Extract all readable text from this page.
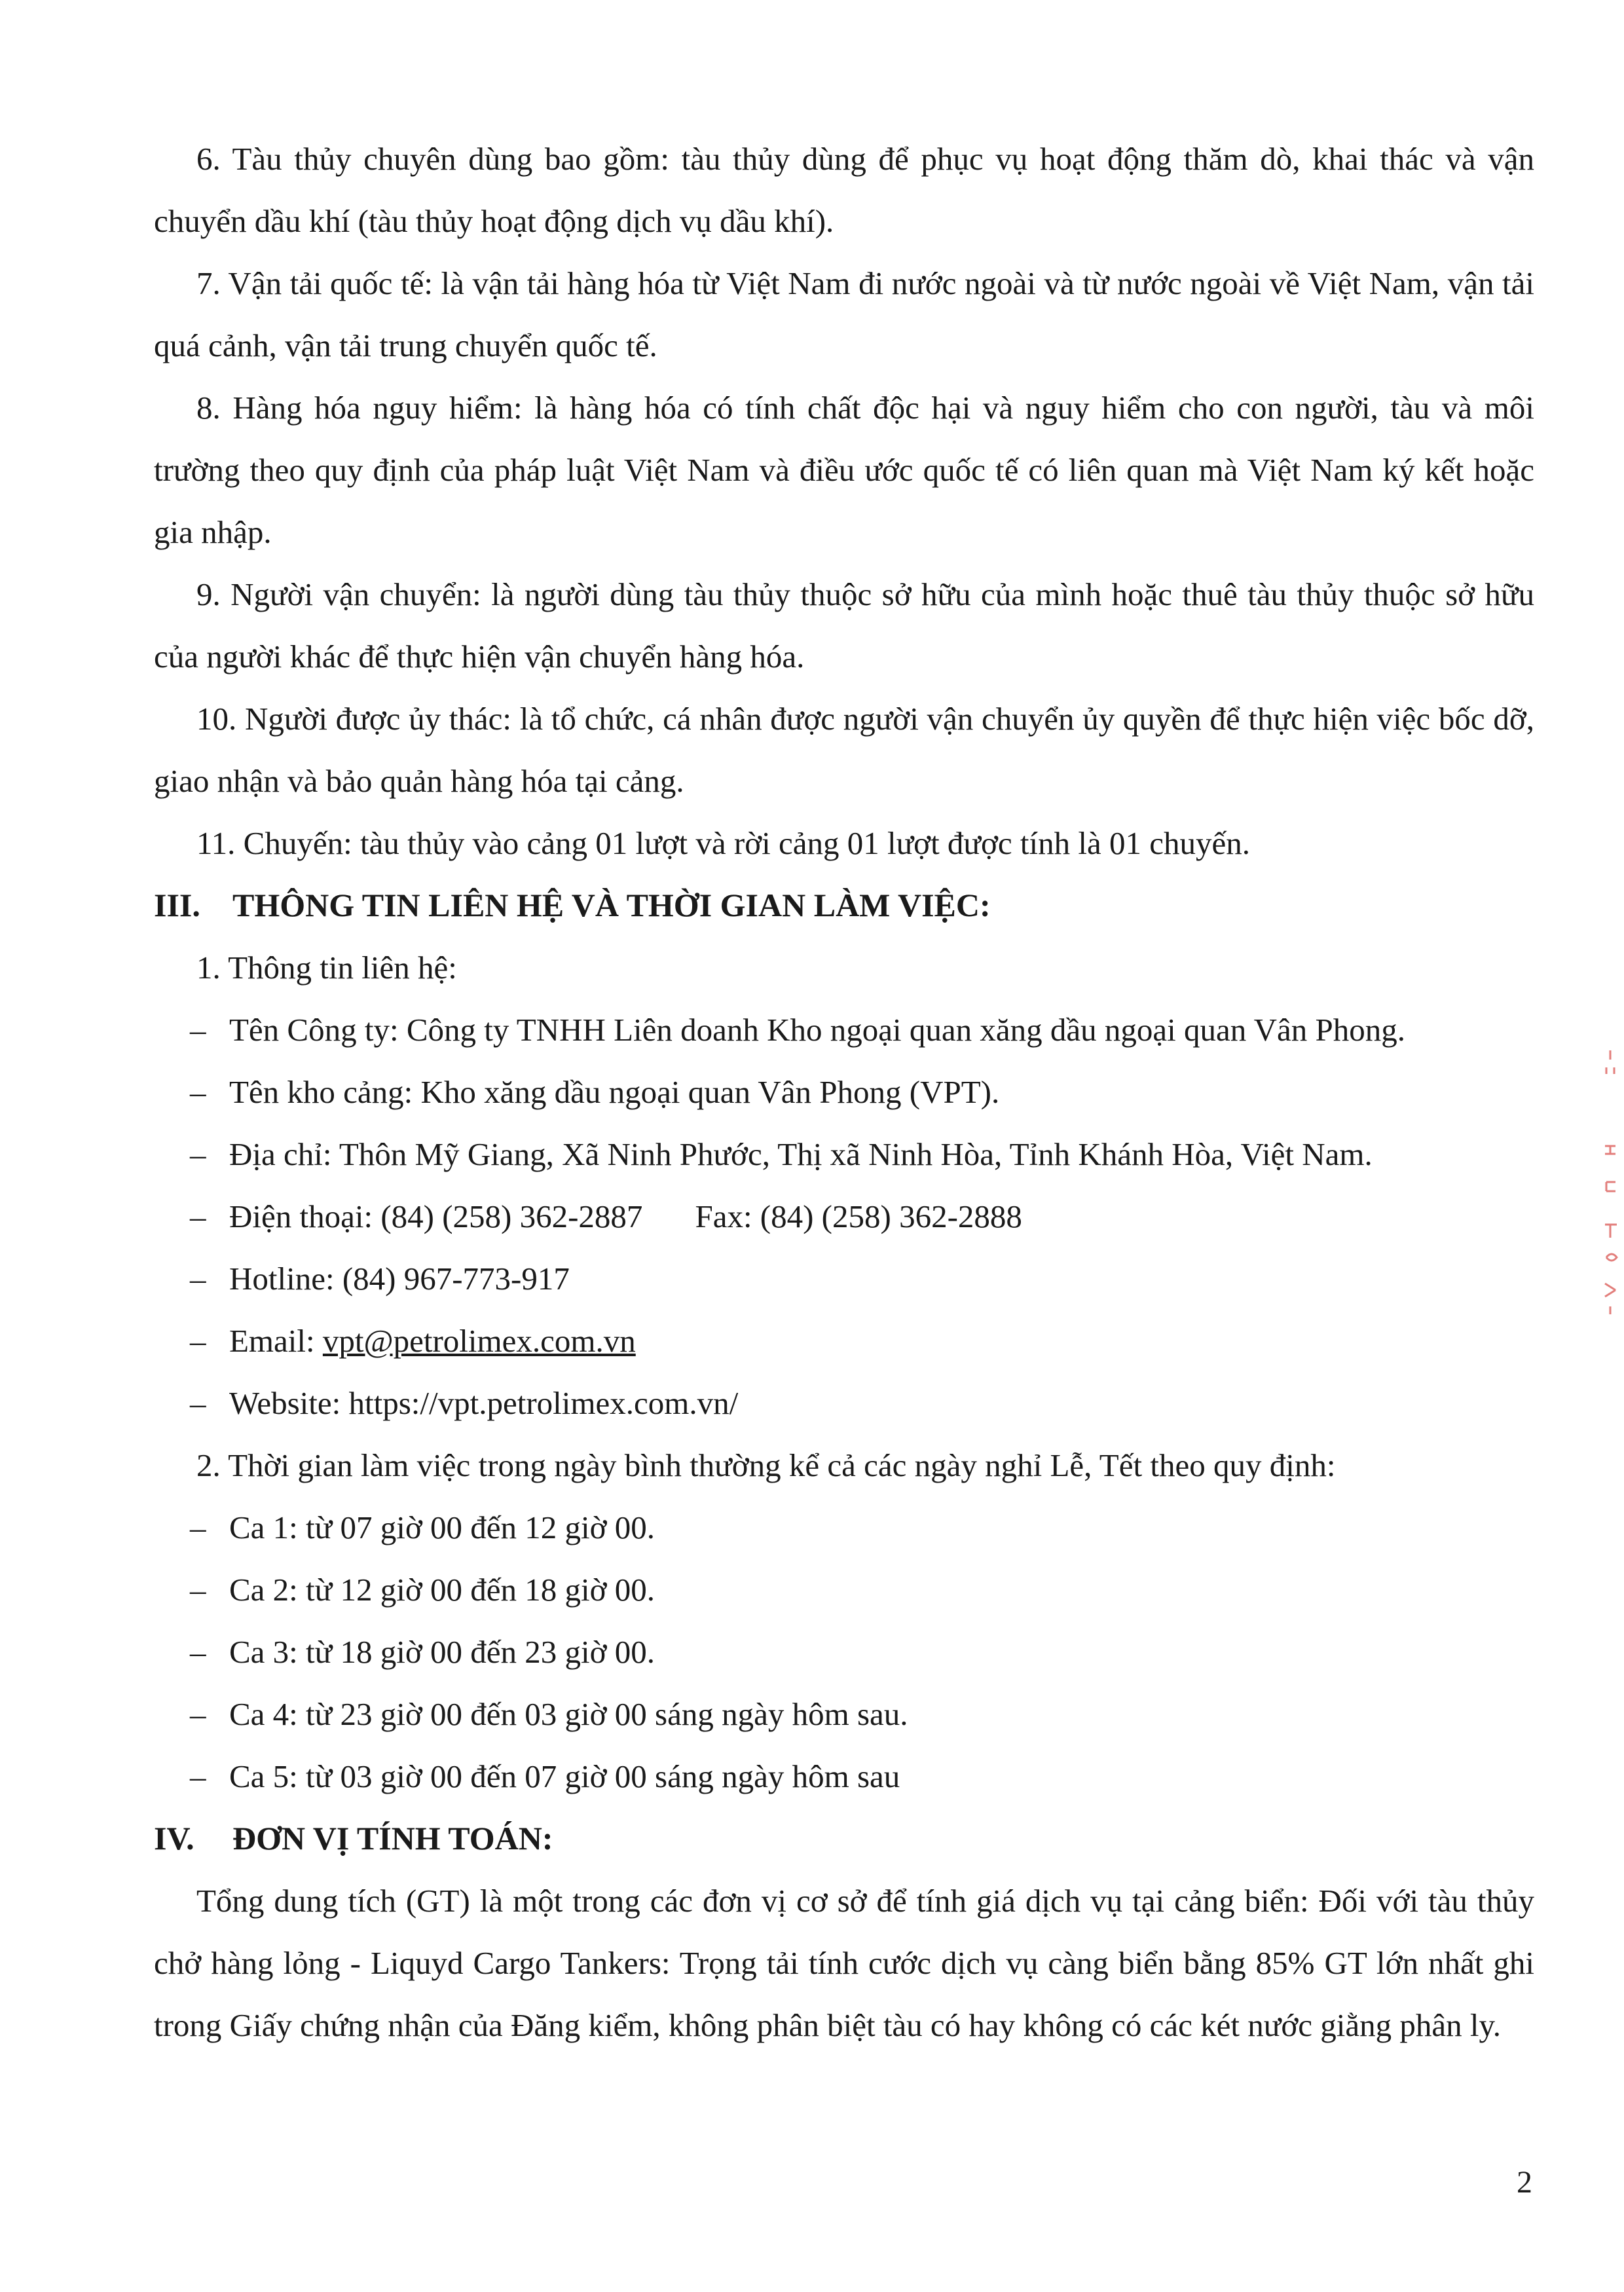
6. Tàu thủy chuyên dùng bao gồm: tàu thủy dùng để phục vụ hoạt động thăm dò, khai thác và vận chuyển dầu khí (tàu thủy hoạt động dịch vụ dầu khí).

7. Vận tải quốc tế: là vận tải hàng hóa từ Việt Nam đi nước ngoài và từ nước ngoài về Việt Nam, vận tải quá cảnh, vận tải trung chuyển quốc tế.

8. Hàng hóa nguy hiểm: là hàng hóa có tính chất độc hại và nguy hiểm cho con người, tàu và môi trường theo quy định của pháp luật Việt Nam và điều ước quốc tế có liên quan mà Việt Nam ký kết hoặc gia nhập.

9. Người vận chuyển: là người dùng tàu thủy thuộc sở hữu của mình hoặc thuê tàu thủy thuộc sở hữu của người khác để thực hiện vận chuyển hàng hóa.

10. Người được ủy thác: là tổ chức, cá nhân được người vận chuyển ủy quyền để thực hiện việc bốc dỡ, giao nhận và bảo quản hàng hóa tại cảng.

11. Chuyến: tàu thủy vào cảng 01 lượt và rời cảng 01 lượt được tính là 01 chuyến.

III. THÔNG TIN LIÊN HỆ VÀ THỜI GIAN LÀM VIỆC:

1. Thông tin liên hệ:

– Tên Công ty: Công ty TNHH Liên doanh Kho ngoại quan xăng dầu ngoại quan Vân Phong.
– Tên kho cảng: Kho xăng dầu ngoại quan Vân Phong (VPT).
– Địa chỉ: Thôn Mỹ Giang, Xã Ninh Phước, Thị xã Ninh Hòa, Tỉnh Khánh Hòa, Việt Nam.
– Điện thoại: (84) (258) 362-2887 Fax: (84) (258) 362-2888
– Hotline: (84) 967-773-917
– Email:
vpt@petrolimex.com.vn
– Website: https://vpt.petrolimex.com.vn/

2. Thời gian làm việc trong ngày bình thường kể cả các ngày nghỉ Lễ, Tết theo quy định:

– Ca 1: từ 07 giờ 00 đến 12 giờ 00.
– Ca 2: từ 12 giờ 00 đến 18 giờ 00.
– Ca 3: từ 18 giờ 00 đến 23 giờ 00.
– Ca 4: từ 23 giờ 00 đến 03 giờ 00 sáng ngày hôm sau.
– Ca 5: từ 03 giờ 00 đến 07 giờ 00 sáng ngày hôm sau
IV.	ĐƠN VỊ TÍNH TOÁN:

Tổng dung tích (GT) là một trong các đơn vị cơ sở để tính giá dịch vụ tại cảng biển: Đối với tàu thủy chở hàng lỏng - Liquyd Cargo Tankers: Trọng tải tính cước dịch vụ càng biển bằng 85% GT lớn nhất ghi trong Giấy chứng nhận của Đăng kiểm, không phân biệt tàu có hay không có các két nước giằng phân ly.

2
